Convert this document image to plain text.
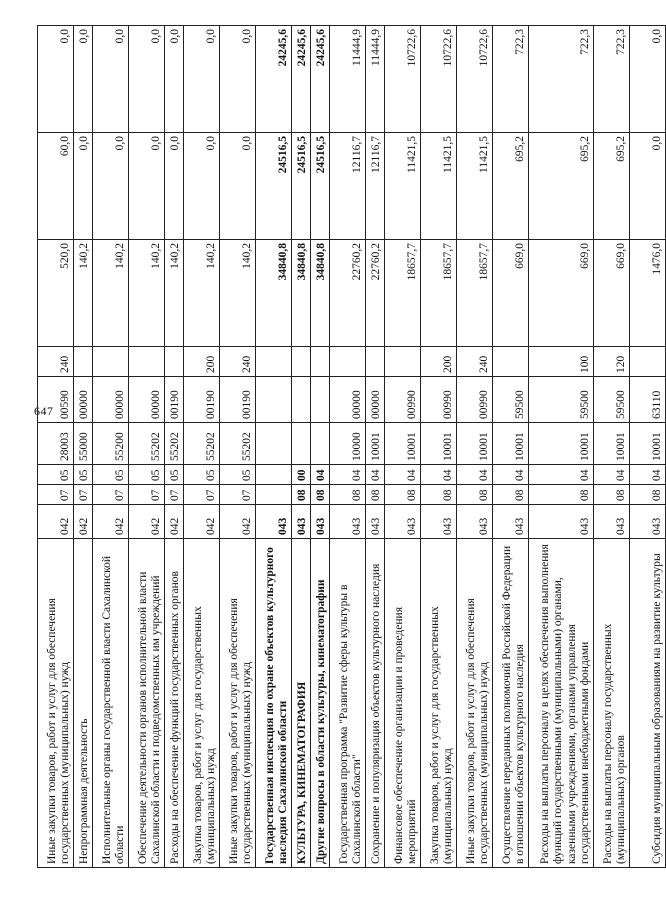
647
Иные закупки товаров, работ и услуг для обеспечения государственных (муниципальных) нужд	042	07	05	28003	00590	240	520,0	60,0	0,0
Непрограммная деятельность	042	07	05	55000	00000		140,2	0,0	0,0
Исполнительные органы государственной власти Сахалинской области	042	07	05	55200	00000		140,2	0,0	0,0
Обеспечение деятельности органов исполнительной власти Сахалинской области и подведомственных им учреждений	042	07	05	55202	00000		140,2	0,0	0,0
Расходы на обеспечение функций государственных органов	042	07	05	55202	00190		140,2	0,0	0,0
Закупка товаров, работ и услуг для государственных (муниципальных) нужд	042	07	05	55202	00190	200	140,2	0,0	0,0
Иные закупки товаров, работ и услуг для обеспечения государственных (муниципальных) нужд	042	07	05	55202	00190	240	140,2	0,0	0,0
Государственная инспекция по охране объектов культурного наследия Сахалинской области	043						34840,8	24516,5	24245,6
КУЛЬТУРА, КИНЕМАТОГРАФИЯ	043	08	00				34840,8	24516,5	24245,6
Другие вопросы в области культуры, кинематографии	043	08	04				34840,8	24516,5	24245,6
Государственная программа "Развитие сферы культуры в Сахалинской области"	043	08	04	10000	00000		22760,2	12116,7	11444,9
Сохранение и популяризация объектов культурного наследия	043	08	04	10001	00000		22760,2	12116,7	11444,9
Финансовое обеспечение организации и проведения мероприятий	043	08	04	10001	00990		18657,7	11421,5	10722,6
Закупка товаров, работ и услуг для государственных (муниципальных) нужд	043	08	04	10001	00990	200	18657,7	11421,5	10722,6
Иные закупки товаров, работ и услуг для обеспечения государственных (муниципальных) нужд	043	08	04	10001	00990	240	18657,7	11421,5	10722,6
Осуществление переданных полномочий Российской Федерации в отношении объектов культурного наследия	043	08	04	10001	59500		669,0	695,2	722,3
Расходы на выплаты персоналу в целях обеспечения выполнения функций государственными (муниципальными) органами, казенными учреждениями, органами управления государственными внебюджетными фондами	043	08	04	10001	59500	100	669,0	695,2	722,3
Расходы на выплаты персоналу государственных (муниципальных) органов	043	08	04	10001	59500	120	669,0	695,2	722,3
Субсидия муниципальным образованиям на развитие культуры	043	08	04	10001	63110		1476,0	0,0	0,0
